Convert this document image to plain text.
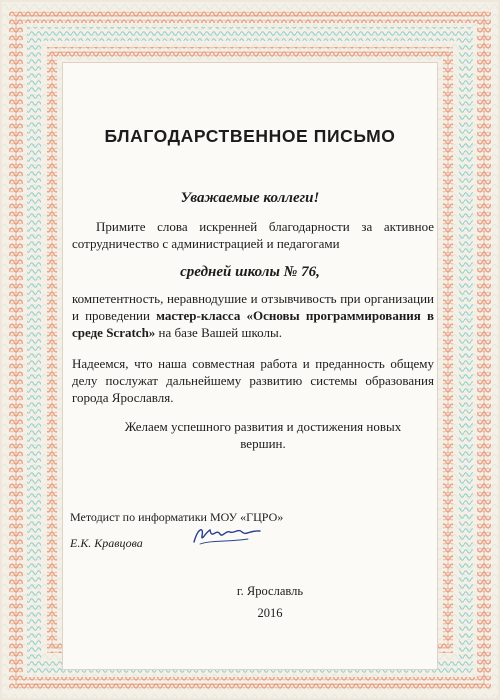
БЛАГОДАРСТВЕННОЕ ПИСЬМО
Уважаемые коллеги!
Примите слова искренней благодарности за активное сотрудничество с администрацией и педагогами
средней школы № 76,
компетентность, неравнодушие и отзывчивость при организации и проведении мастер-класса «Основы программирования в среде Scratch» на базе Вашей школы.
Надеемся, что наша совместная работа и преданность общему делу послужат дальнейшему развитию системы образования города Ярославля.
Желаем успешного развития и достижения новых вершин.
Методист по информатики МОУ «ГЦРО»
Е.К. Кравцова
г. Ярославль
2016
